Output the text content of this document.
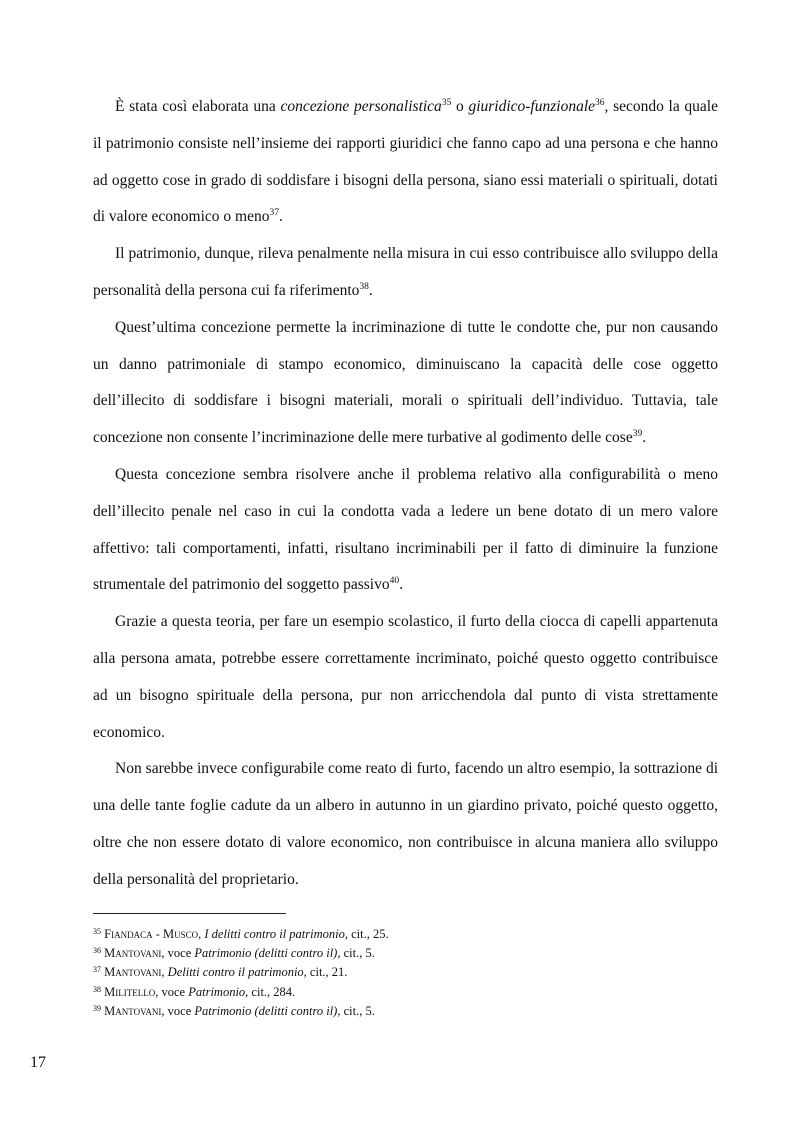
È stata così elaborata una concezione personalistica$^{35}$ o giuridico-funzionale$^{36}$, secondo la quale il patrimonio consiste nell’insieme dei rapporti giuridici che fanno capo ad una persona e che hanno ad oggetto cose in grado di soddisfare i bisogni della persona, siano essi materiali o spirituali, dotati di valore economico o meno$^{37}$.

Il patrimonio, dunque, rileva penalmente nella misura in cui esso contribuisce allo sviluppo della personalità della persona cui fa riferimento$^{38}$.

Quest’ultima concezione permette la incriminazione di tutte le condotte che, pur non causando un danno patrimoniale di stampo economico, diminuiscano la capacità delle cose oggetto dell’illecito di soddisfare i bisogni materiali, morali o spirituali dell’individuo. Tuttavia, tale concezione non consente l’incriminazione delle mere turbative al godimento delle cose$^{39}$.

Questa concezione sembra risolvere anche il problema relativo alla configurabilità o meno dell’illecito penale nel caso in cui la condotta vada a ledere un bene dotato di un mero valore affettivo: tali comportamenti, infatti, risultano incriminabili per il fatto di diminuire la funzione strumentale del patrimonio del soggetto passivo$^{40}$.

Grazie a questa teoria, per fare un esempio scolastico, il furto della ciocca di capelli appartenuta alla persona amata, potrebbe essere correttamente incriminato, poiché questo oggetto contribuisce ad un bisogno spirituale della persona, pur non arricchendola dal punto di vista strettamente economico.

Non sarebbe invece configurabile come reato di furto, facendo un altro esempio, la sottrazione di una delle tante foglie cadute da un albero in autunno in un giardino privato, poiché questo oggetto, oltre che non essere dotato di valore economico, non contribuisce in alcuna maniera allo sviluppo della personalità del proprietario.

$^{35}$ Fiandaca - Musco, I delitti contro il patrimonio, cit., 25.

$^{36}$ Mantovani, voce Patrimonio (delitti contro il), cit., 5.

$^{37}$ Mantovani, Delitti contro il patrimonio, cit., 21.

$^{38}$ Militello, voce Patrimonio, cit., 284.

$^{39}$ Mantovani, voce Patrimonio (delitti contro il), cit., 5.

17
